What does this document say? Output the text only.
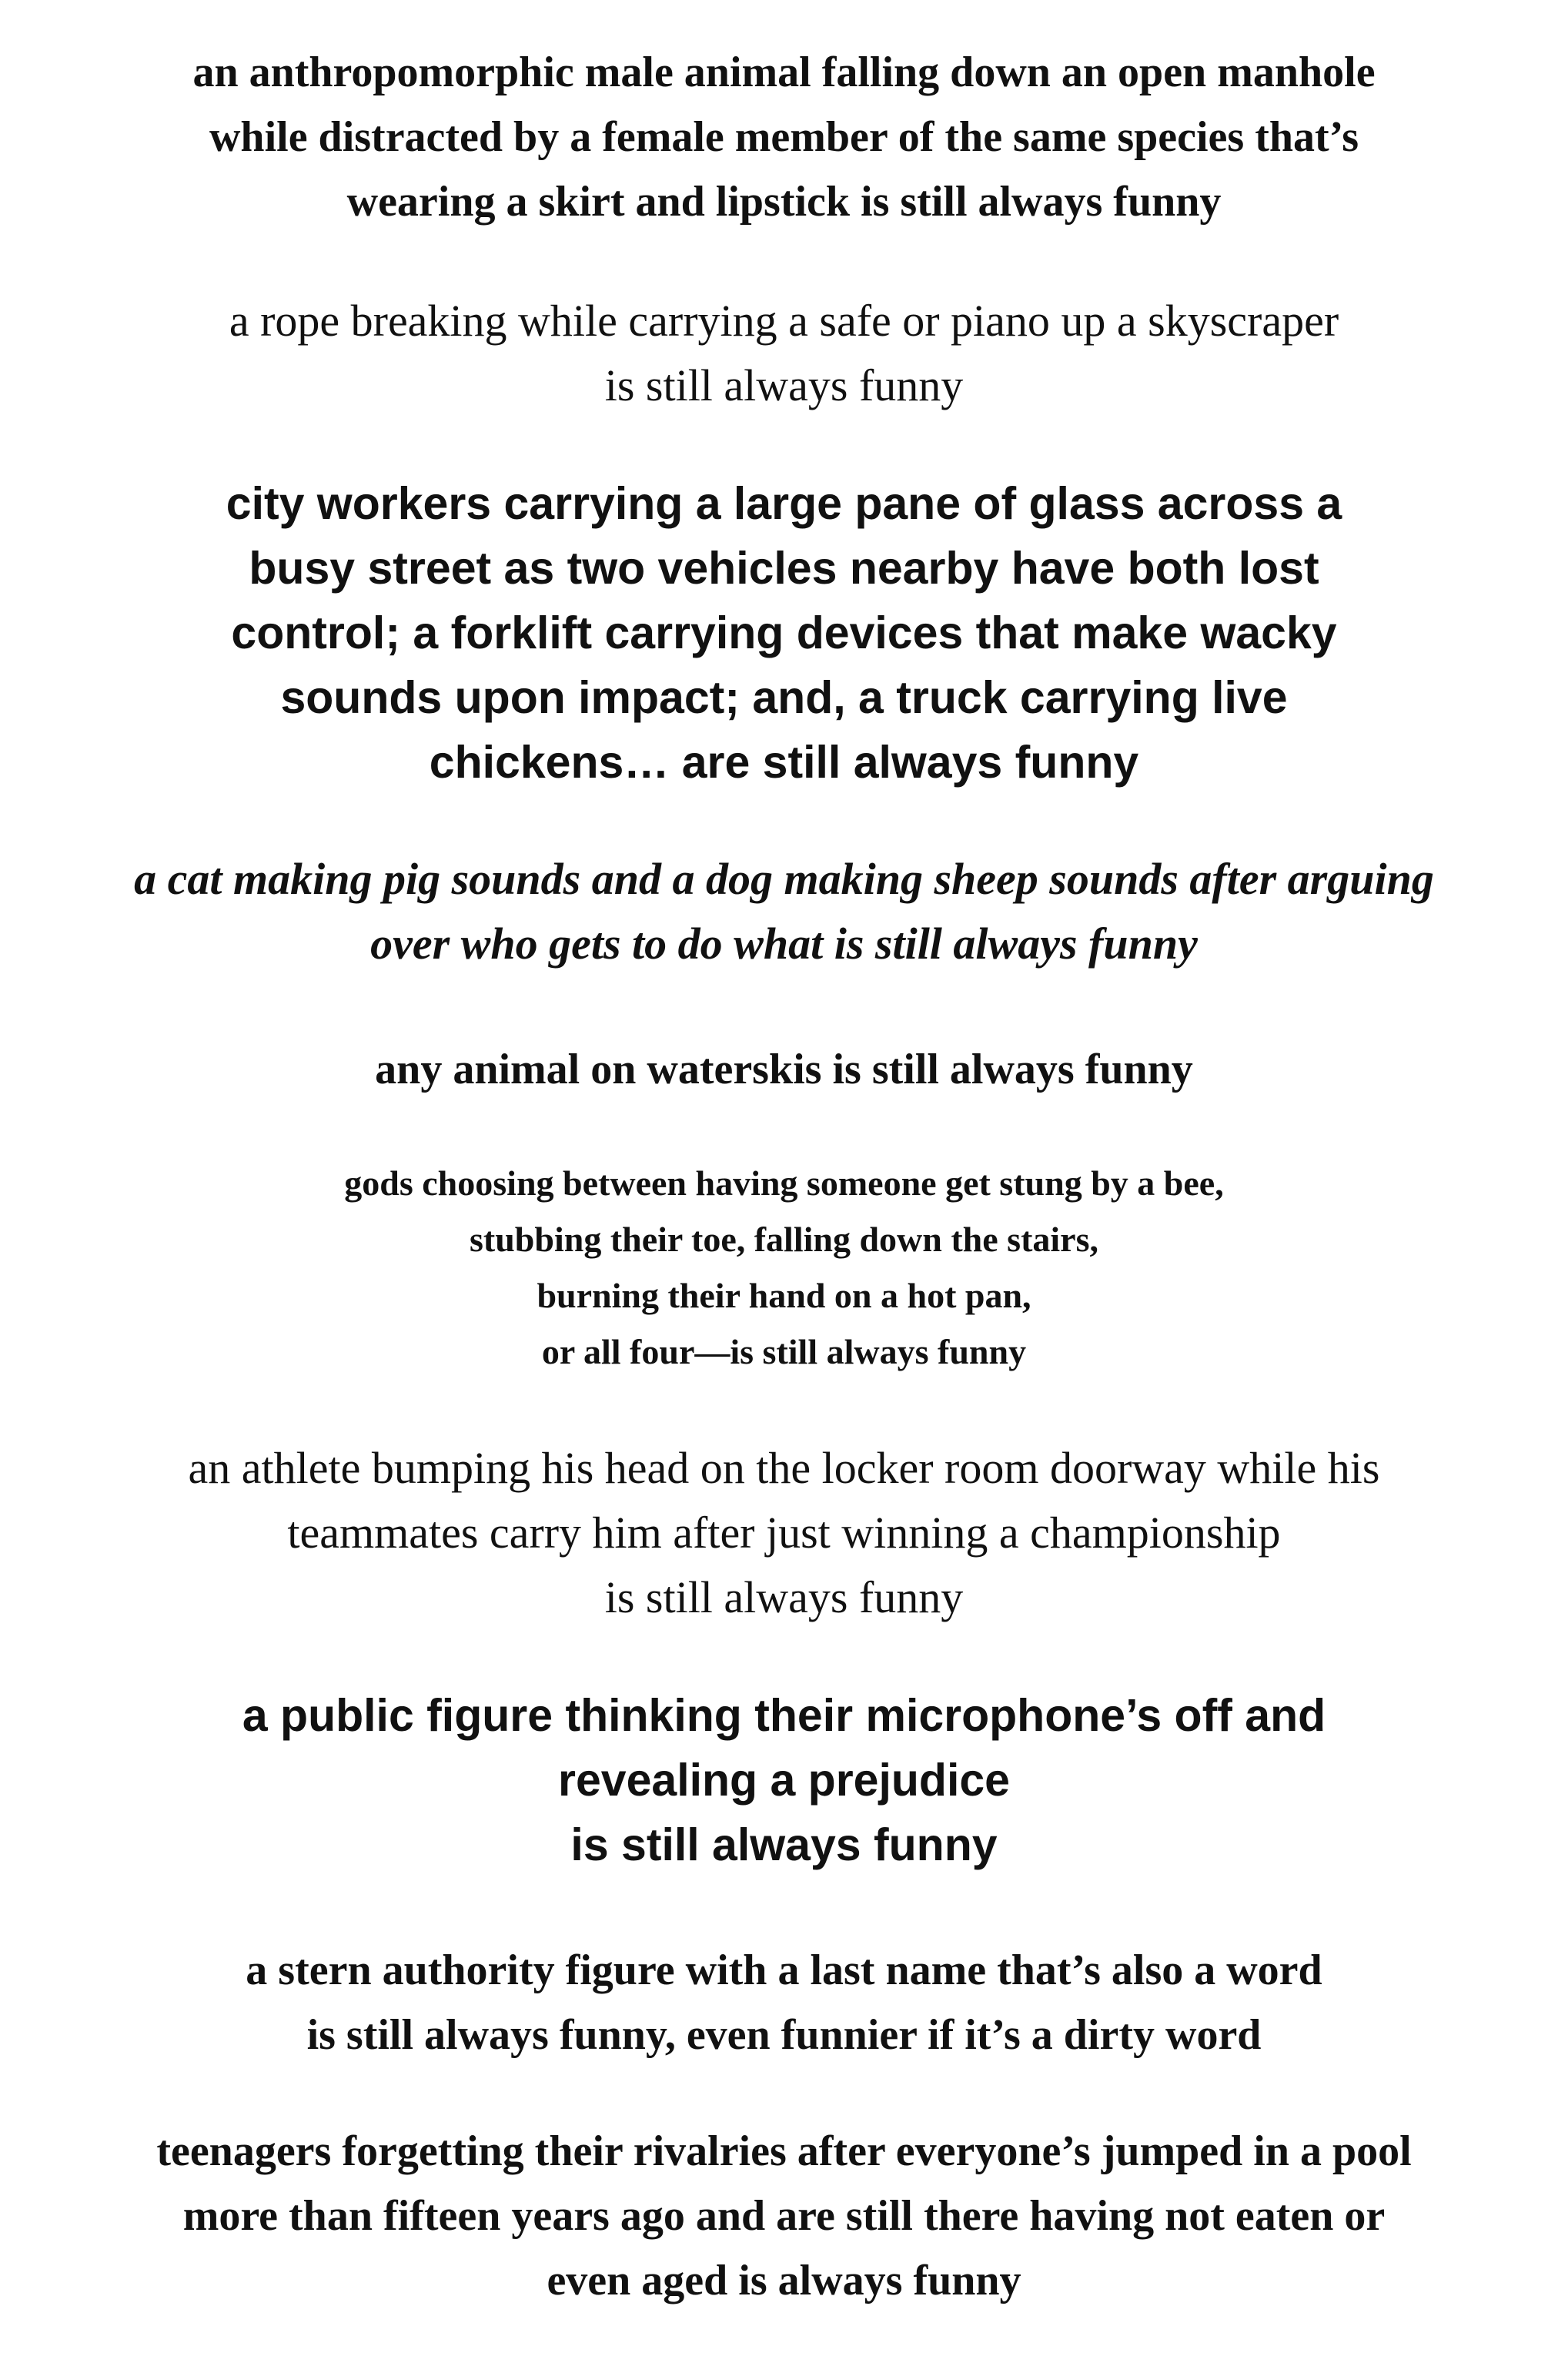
an anthropomorphic male animal falling down an open manhole
while distracted by a female member of the same species that’s
wearing a skirt and lipstick is still always funny
a rope breaking while carrying a safe or piano up a skyscraper
is still always funny
city workers carrying a large pane of glass across a
busy street as two vehicles nearby have both lost
control; a forklift carrying devices that make wacky
sounds upon impact; and, a truck carrying live
chickens… are still always funny
a cat making pig sounds and a dog making sheep sounds after arguing
over who gets to do what is still always funny
any animal on waterskis is still always funny
gods choosing between having someone get stung by a bee,
stubbing their toe, falling down the stairs,
burning their hand on a hot pan,
or all four—is still always funny
an athlete bumping his head on the locker room doorway while his
teammates carry him after just winning a championship
is still always funny
a public figure thinking their microphone’s off and
revealing a prejudice
is still always funny
a stern authority figure with a last name that’s also a word
is still always funny, even funnier if it’s a dirty word
teenagers forgetting their rivalries after everyone’s jumped in a pool
more than fifteen years ago and are still there having not eaten or
even aged is always funny
